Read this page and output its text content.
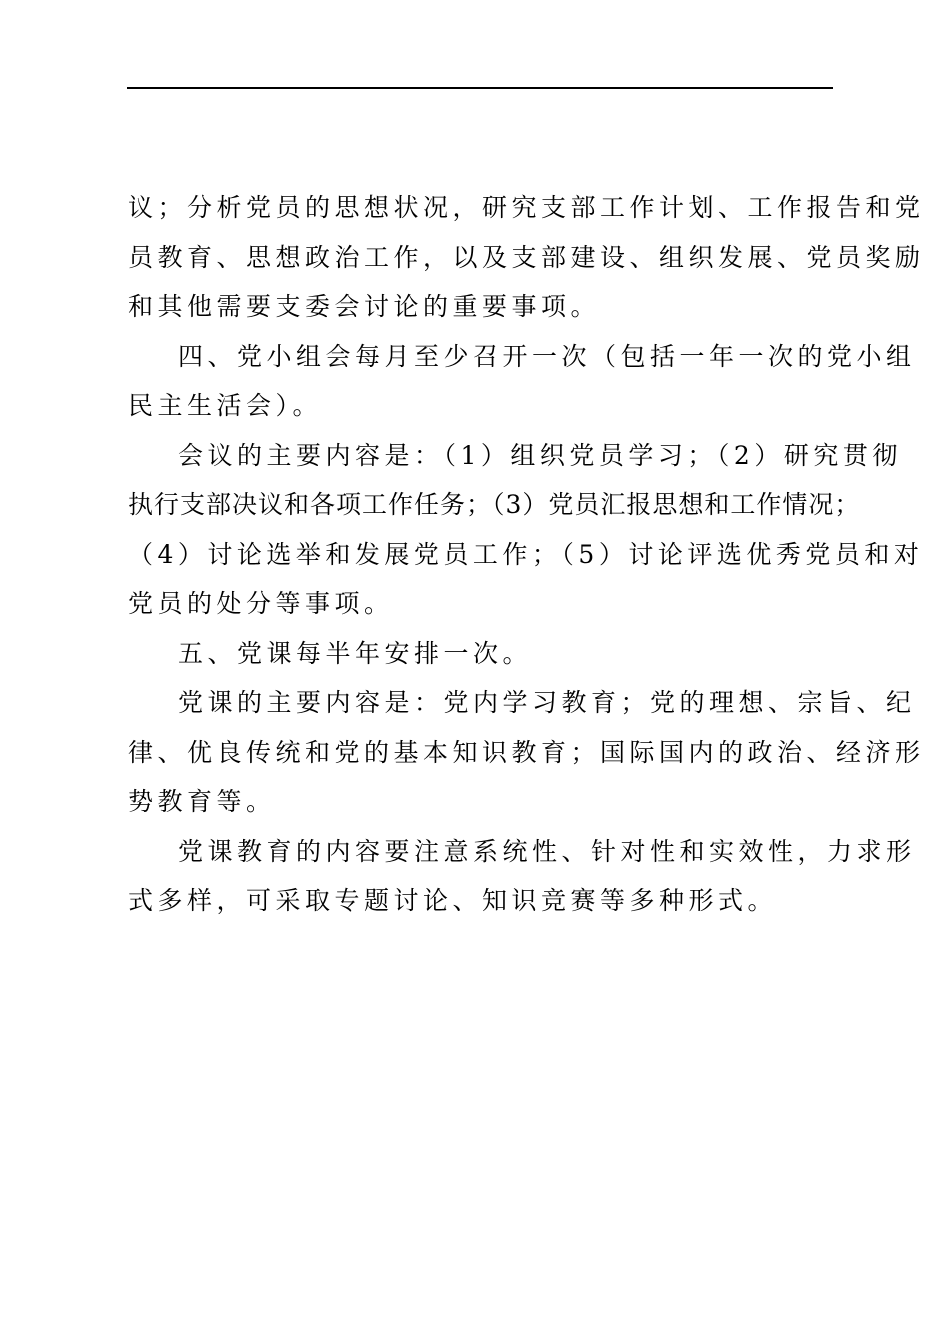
议；分析党员的思想状况，研究支部工作计划、工作报告和党
员教育、思想政治工作，以及支部建设、组织发展、党员奖励
和其他需要支委会讨论的重要事项。
四、党小组会每月至少召开一次（包括一年一次的党小组
民主生活会）。
会议的主要内容是：（1）组织党员学习；（2）研究贯彻
执行支部决议和各项工作任务；（3）党员汇报思想和工作情况；
（4）讨论选举和发展党员工作；（5）讨论评选优秀党员和对
党员的处分等事项。
五、党课每半年安排一次。
党课的主要内容是：党内学习教育；党的理想、宗旨、纪
律、优良传统和党的基本知识教育；国际国内的政治、经济形
势教育等。
党课教育的内容要注意系统性、针对性和实效性，力求形
式多样，可采取专题讨论、知识竞赛等多种形式。
